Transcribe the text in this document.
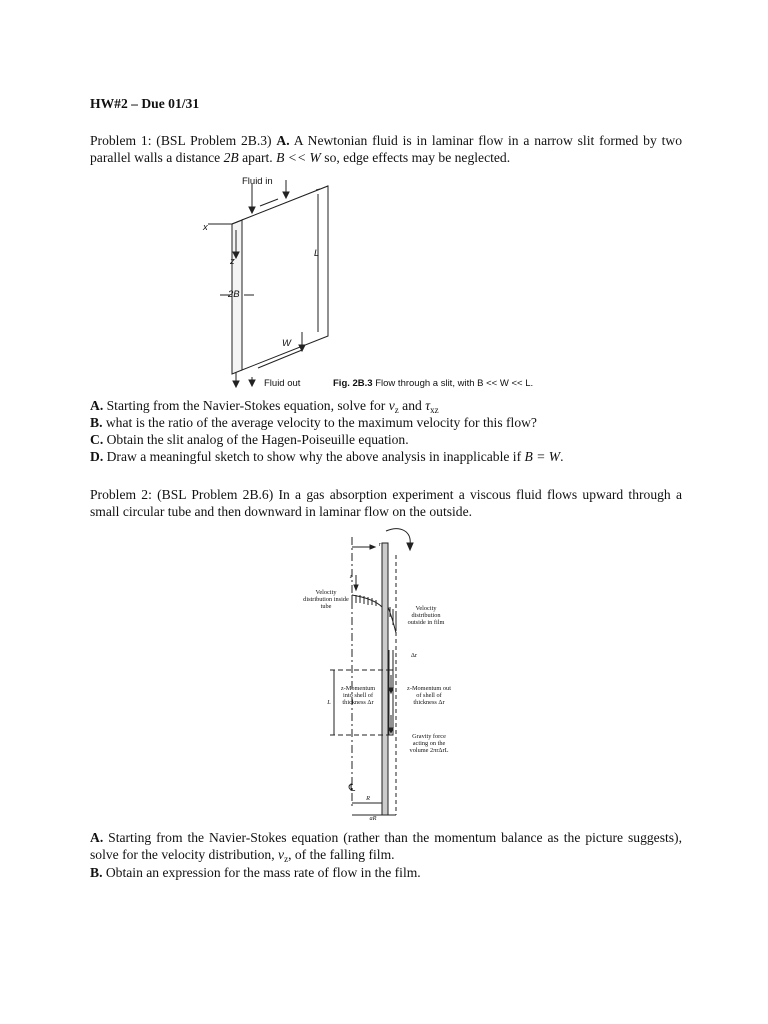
HW#2 – Due 01/31
Problem 1: (BSL Problem 2B.3) A. A Newtonian fluid is in laminar flow in a narrow slit formed by two parallel walls a distance 2B apart. B << W so, edge effects may be neglected.
Fluid in
x
z
L
2B
W
Fluid out	Fig. 2B.3 Flow through a slit, with B << W << L.
A. Starting from the Navier-Stokes equation, solve for $v_z$ and $\tau_{xz}$
B. what is the ratio of the average velocity to the maximum velocity for this flow?
C. Obtain the slit analog of the Hagen-Poiseuille equation.
D. Draw a meaningful sketch to show why the above analysis in inapplicable if B = W.
Problem 2: (BSL Problem 2B.6) In a gas absorption experiment a viscous fluid flows upward through a small circular tube and then downward in laminar flow on the outside.
Velocity distribution inside tube	Velocity distribution outside in film
Δr
z-Momentum into shell of thickness Δr
z-Momentum out of shell of thickness Δr
Gravity force acting on the volume 2πrΔrL
r
z
L
R
aR
℄
A. Starting from the Navier-Stokes equation (rather than the momentum balance as the picture suggests), solve for the velocity distribution, $v_z$, of the falling film.
B. Obtain an expression for the mass rate of flow in the film.
